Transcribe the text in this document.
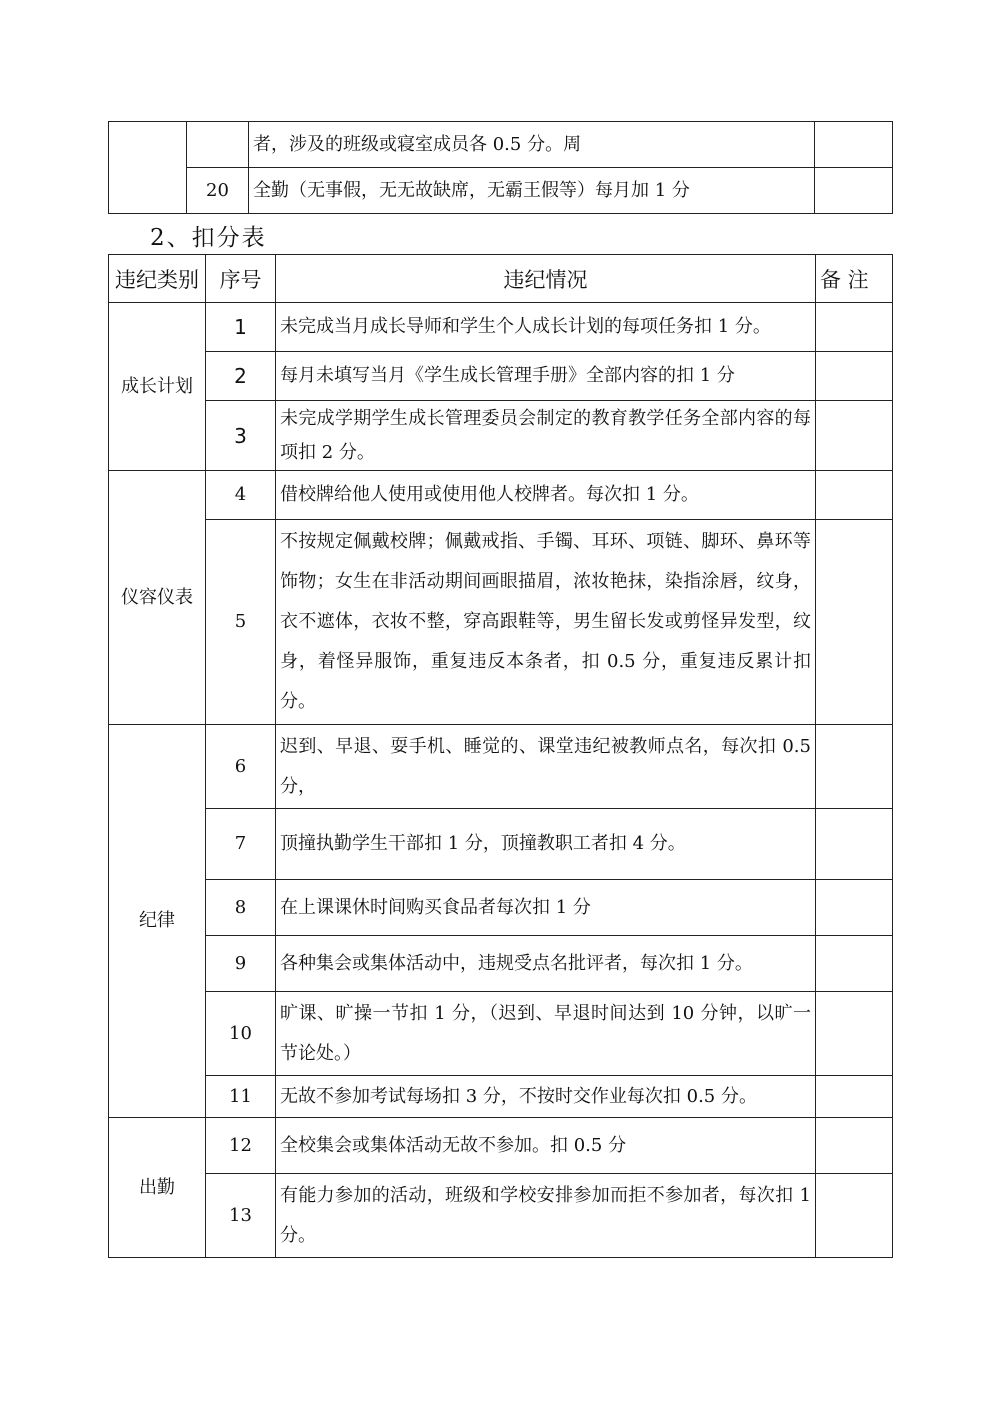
		者，涉及的班级或寝室成员各 0.5 分。周	
	20	全勤（无事假，无无故缺席，无霸王假等）每月加 1 分	
2、扣分表
违纪类别	序号	违纪情况	备 注
成长计划	1	未完成当月成长导师和学生个人成长计划的每项任务扣 1 分。	
	2	每月未填写当月《学生成长管理手册》全部内容的扣 1 分	
	3	未完成学期学生成长管理委员会制定的教育教学任务全部内容的每项扣 2 分。	
仪容仪表	4	借校牌给他人使用或使用他人校牌者。每次扣 1 分。	
	5	不按规定佩戴校牌；佩戴戒指、手镯、耳环、项链、脚环、鼻环等饰物；女生在非活动期间画眼描眉，浓妆艳抹，染指涂唇，纹身，衣不遮体，衣妆不整，穿高跟鞋等，男生留长发或剪怪异发型，纹身，着怪异服饰，重复违反本条者，扣 0.5 分，重复违反累计扣分。	
纪律	6	迟到、早退、耍手机、睡觉的、课堂违纪被教师点名，每次扣 0.5 分，	
	7	顶撞执勤学生干部扣 1 分，顶撞教职工者扣 4 分。	
	8	在上课课休时间购买食品者每次扣 1 分	
	9	各种集会或集体活动中，违规受点名批评者，每次扣 1 分。	
	10	旷课、旷操一节扣 1 分，（迟到、早退时间达到 10 分钟，以旷一节论处。）	
	11	无故不参加考试每场扣 3 分，不按时交作业每次扣 0.5 分。	
出勤	12	全校集会或集体活动无故不参加。扣 0.5 分	
	13	有能力参加的活动，班级和学校安排参加而拒不参加者，每次扣 1 分。	
